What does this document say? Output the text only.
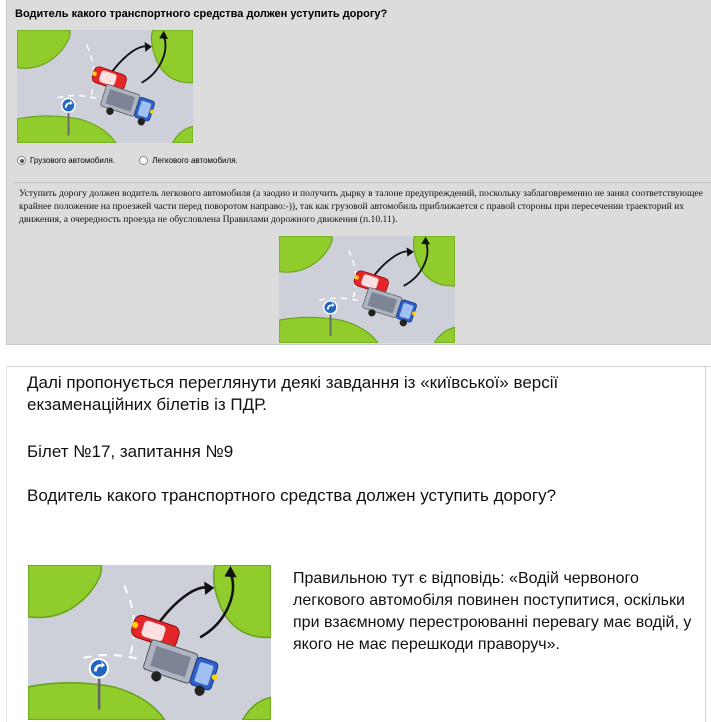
Водитель какого транспортного средства должен уступить дорогу?
Грузового автомобиля.
	Легкового автомобиля.
Уступить дорогу должен водитель легкового автомобиля (а заодно и получить дырку в талоне предупреждений, поскольку заблаговременно не занял соответствующее крайнее положение на проезжей части перед поворотом направо:-)), так как грузовой автомобиль приближается с правой стороны при пересечении траекторий их движения, а очередность проезда не обусловлена Правилами дорожного движения (п.10.11).
Далі пропонується переглянути деякі завдання із «київської» версії екзаменаційних білетів із ПДР.
Білет №17, запитання №9
Водитель какого транспортного средства должен уступить дорогу?
Правильною тут є відповідь: «Водій червоного легкового автомобіля повинен поступитися, оскільки при взаємному перестроюванні перевагу має водій, у якого не має перешкоди праворуч».
